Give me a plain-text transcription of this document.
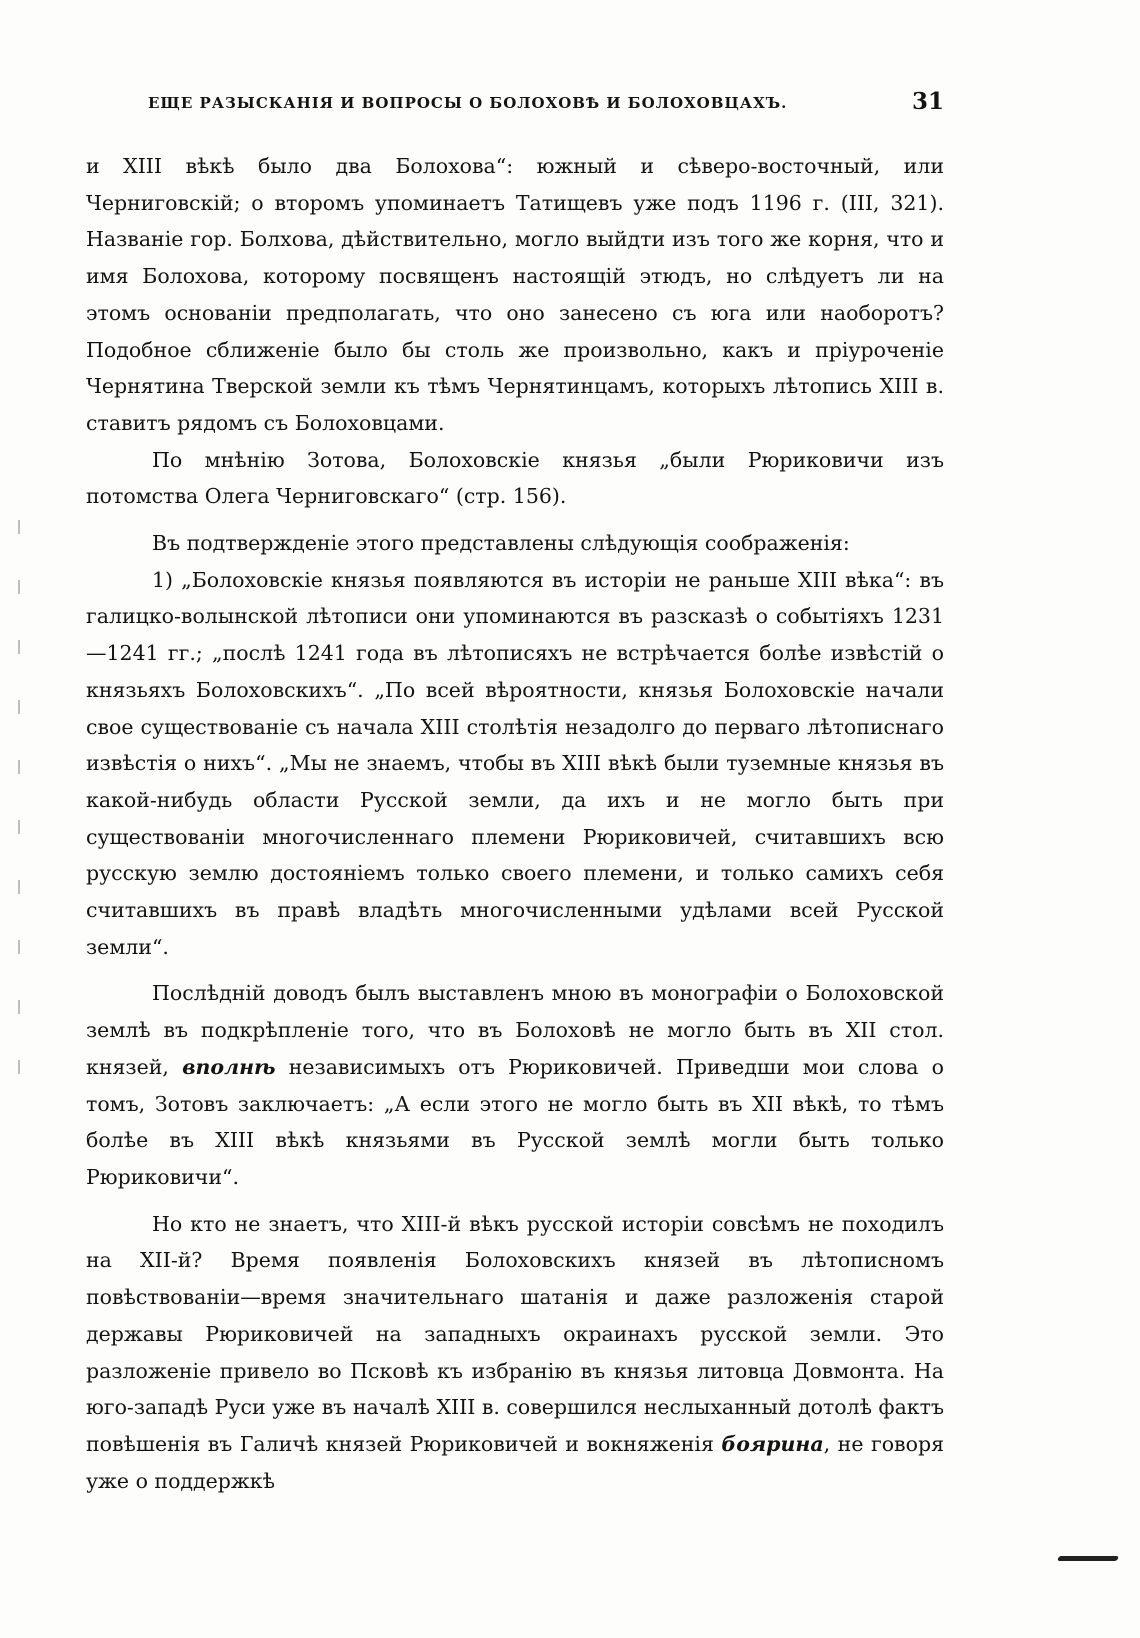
ЕЩЕ РАЗЫСКАНІЯ И ВОПРОСЫ О БОЛОХОВѢ И БОЛОХОВЦАХЪ.	31

и XIII вѣкѣ было два Болохова“: южный и сѣверо-восточный, или Черниговскій; о второмъ упоминаетъ Татищевъ уже подъ 1196 г. (III, 321). Названіе гор. Болхова, дѣйствительно, могло выйдти изъ того же корня, что и имя Болохова, которому посвященъ настоящій этюдъ, но слѣдуетъ ли на этомъ основаніи предполагать, что оно занесено съ юга или наоборотъ? Подобное сближеніе было бы столь же произвольно, какъ и пріуроченіе Чернятина Тверской земли къ тѣмъ Чернятинцамъ, которыхъ лѣтопись XIII в. ставитъ рядомъ съ Болоховцами.

По мнѣнію Зотова, Болоховскіе князья „были Рюриковичи изъ потомства Олега Черниговскаго“ (стр. 156).

Въ подтвержденіе этого представлены слѣдующія соображенія:

1) „Болоховскіе князья появляются въ исторіи не раньше XIII вѣка“: въ галицко-волынской лѣтописи они упоминаются въ разсказѣ о событіяхъ 1231—1241 гг.; „послѣ 1241 года въ лѣтописяхъ не встрѣчается болѣе извѣстій о князьяхъ Болоховскихъ“. „По всей вѣроятности, князья Болоховскіе начали свое существованіе съ начала XIII столѣтія незадолго до перваго лѣтописнаго извѣстія о нихъ“. „Мы не знаемъ, чтобы въ XIII вѣкѣ были туземные князья въ какой-нибудь области Русской земли, да ихъ и не могло быть при существованіи многочисленнаго племени Рюриковичей, считавшихъ всю русскую землю достояніемъ только своего племени, и только самихъ себя считавшихъ въ правѣ владѣть многочисленными удѣлами всей Русской земли“.

Послѣдній доводъ былъ выставленъ мною въ монографіи о Болоховской землѣ въ подкрѣпленіе того, что въ Болоховѣ не могло быть въ XII стол. князей, вполнѣ независимыхъ отъ Рюриковичей. Приведши мои слова о томъ, Зотовъ заключаетъ: „А если этого не могло быть въ XII вѣкѣ, то тѣмъ болѣе въ XIII вѣкѣ князьями въ Русской землѣ могли быть только Рюриковичи“.

Но кто не знаетъ, что XIII-й вѣкъ русской исторіи совсѣмъ не походилъ на XII-й? Время появленія Болоховскихъ князей въ лѣтописномъ повѣствованіи—время значительнаго шатанія и даже разложенія старой державы Рюриковичей на западныхъ окраинахъ русской земли. Это разложеніе привело во Псковѣ къ избранію въ князья литовца Довмонта. На юго-западѣ Руси уже въ началѣ XIII в. совершился неслыханный дотолѣ фактъ повѣшенія въ Галичѣ князей Рюриковичей и вокняженія боярина, не говоря уже о поддержкѣ
